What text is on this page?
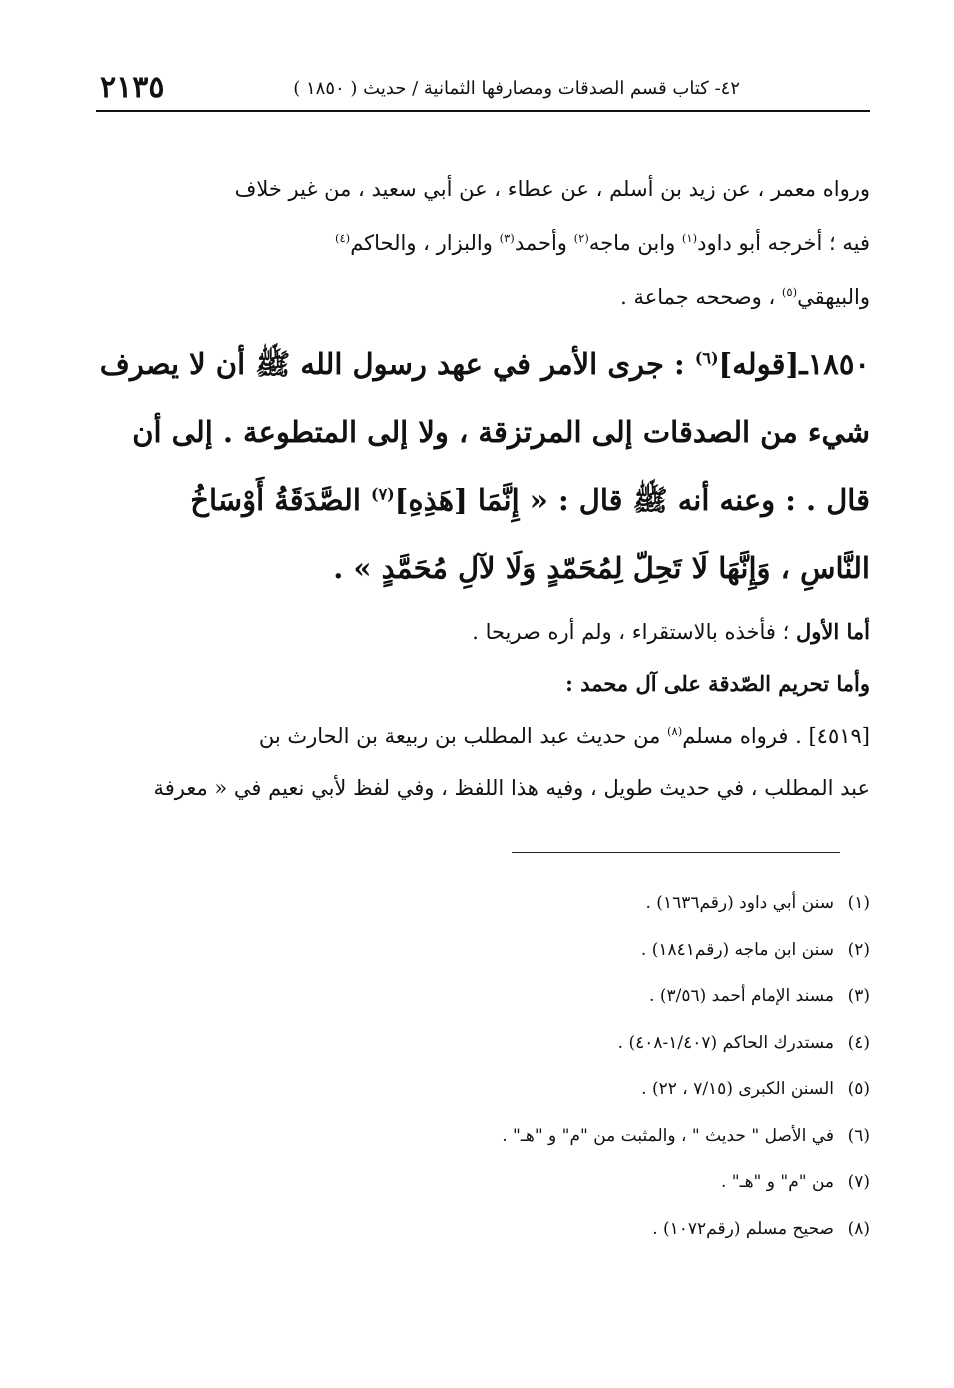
٤٢- كتاب قسم الصدقات ومصارفها الثمانية / حديث ( ١٨٥٠ )
٢١٣٥

ورواه معمر ، عن زيد بن أسلم ، عن عطاء ، عن أبي سعيد ، من غير خلاف

فيه ؛ أخرجه أبو داود$^{(١)}$ وابن ماجه$^{(٢)}$ وأحمد$^{(٣)}$ والبزار ، والحاكم$^{(٤)}$

والبيهقي$^{(٥)}$ ، وصححه جماعة .

١٨٥٠ـ[قوله]$^{(٦)}$ : جرى الأمر في عهد رسول الله ﷺ أن لا يصرف

شيء من الصدقات إلى المرتزقة ، ولا إلى المتطوعة . إلى أن

قال . : وعنه أنه ﷺ قال : « إِنَّمَا [هَذِهِ]$^{(٧)}$ الصَّدَقَةُ أَوْسَاخُ

النَّاسِ ، وَإِنَّهَا لَا تَحِلّ لِمُحَمّدٍ وَلَا لآلِ مُحَمَّدٍ » .

أما الأول ؛ فأخذه بالاستقراء ، ولم أره صريحا .

وأما تحريم الصّدقة على آل محمد :

[٤٥١٩] . فرواه مسلم$^{(٨)}$ من حديث عبد المطلب بن ربيعة بن الحارث بن

عبد المطلب ، في حديث طويل ، وفيه هذا اللفظ ، وفي لفظ لأبي نعيم في « معرفة

(١)سنن أبي داود (رقم١٦٣٦) .
(٢)سنن ابن ماجه (رقم١٨٤١) .
(٣)مسند الإمام أحمد (٣/٥٦) .
(٤)مستدرك الحاكم (١/٤٠٧-٤٠٨) .
(٥)السنن الكبرى (٧/١٥ ، ٢٢) .
(٦)في الأصل " حديث " ، والمثبت من "م" و "هـ" .
(٧)من "م" و "هـ" .
(٨)صحيح مسلم (رقم١٠٧٢) .
